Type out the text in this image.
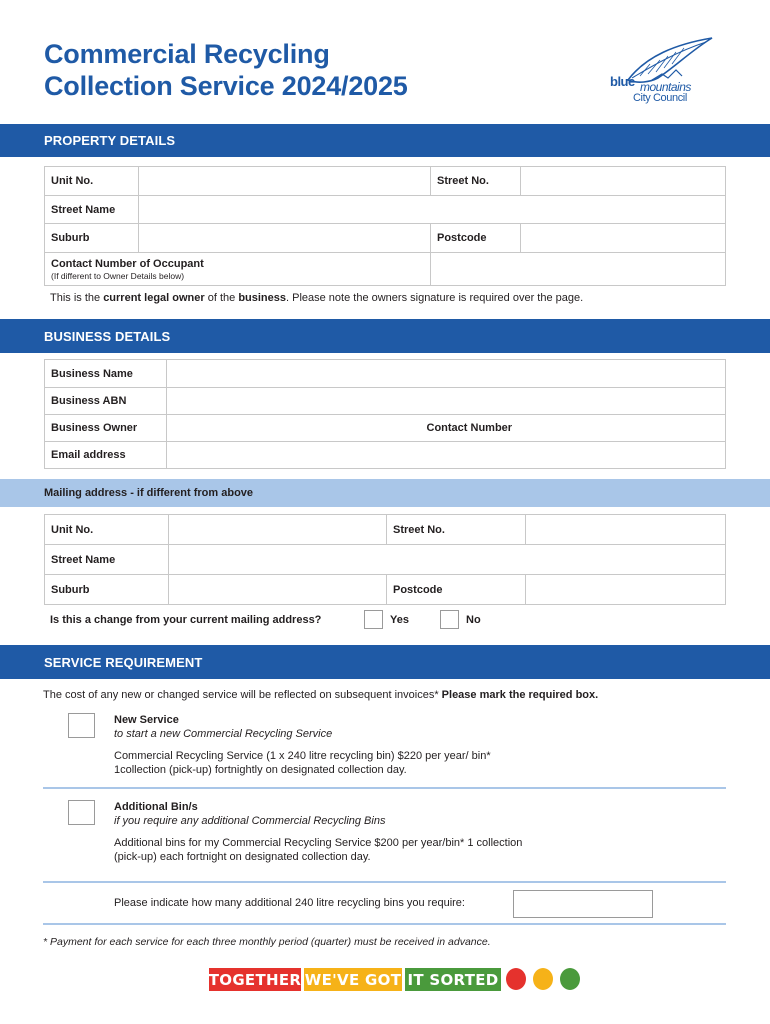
Commercial Recycling
Collection Service 2024/2025	blue mountains
City Council
PROPERTY DETAILS
Unit No.		Street No.	
Street Name			
Suburb		Postcode	
Contact Number of Occupant
(If different to Owner Details below)			

This is the current legal owner of the business. Please note the owners signature is required over the page.
BUSINESS DETAILS
Business Name		
Business ABN		
Business Owner		Contact Number
Email address		
Mailing address - if different from above
Unit No.		Street No.	
Street Name			
Suburb		Postcode	
Is this a change from your current mailing address?	Yes	No
SERVICE REQUIREMENT
The cost of any new or changed service will be reflected on subsequent invoices* Please mark the required box.
New Service
to start a new Commercial Recycling Service
Commercial Recycling Service (1 x 240 litre recycling bin) $220 per year/ bin*
1collection (pick-up) fortnightly on designated collection day.
Additional Bin/s
if you require any additional Commercial Recycling Bins
Additional bins for my Commercial Recycling Service $200 per year/bin* 1 collection
(pick-up) each fortnight on designated collection day.
Please indicate how many additional 240 litre recycling bins you require:
* Payment for each service for each three monthly period (quarter) must be received in advance.
TOGETHER WE'VE GOT IT SORTED
